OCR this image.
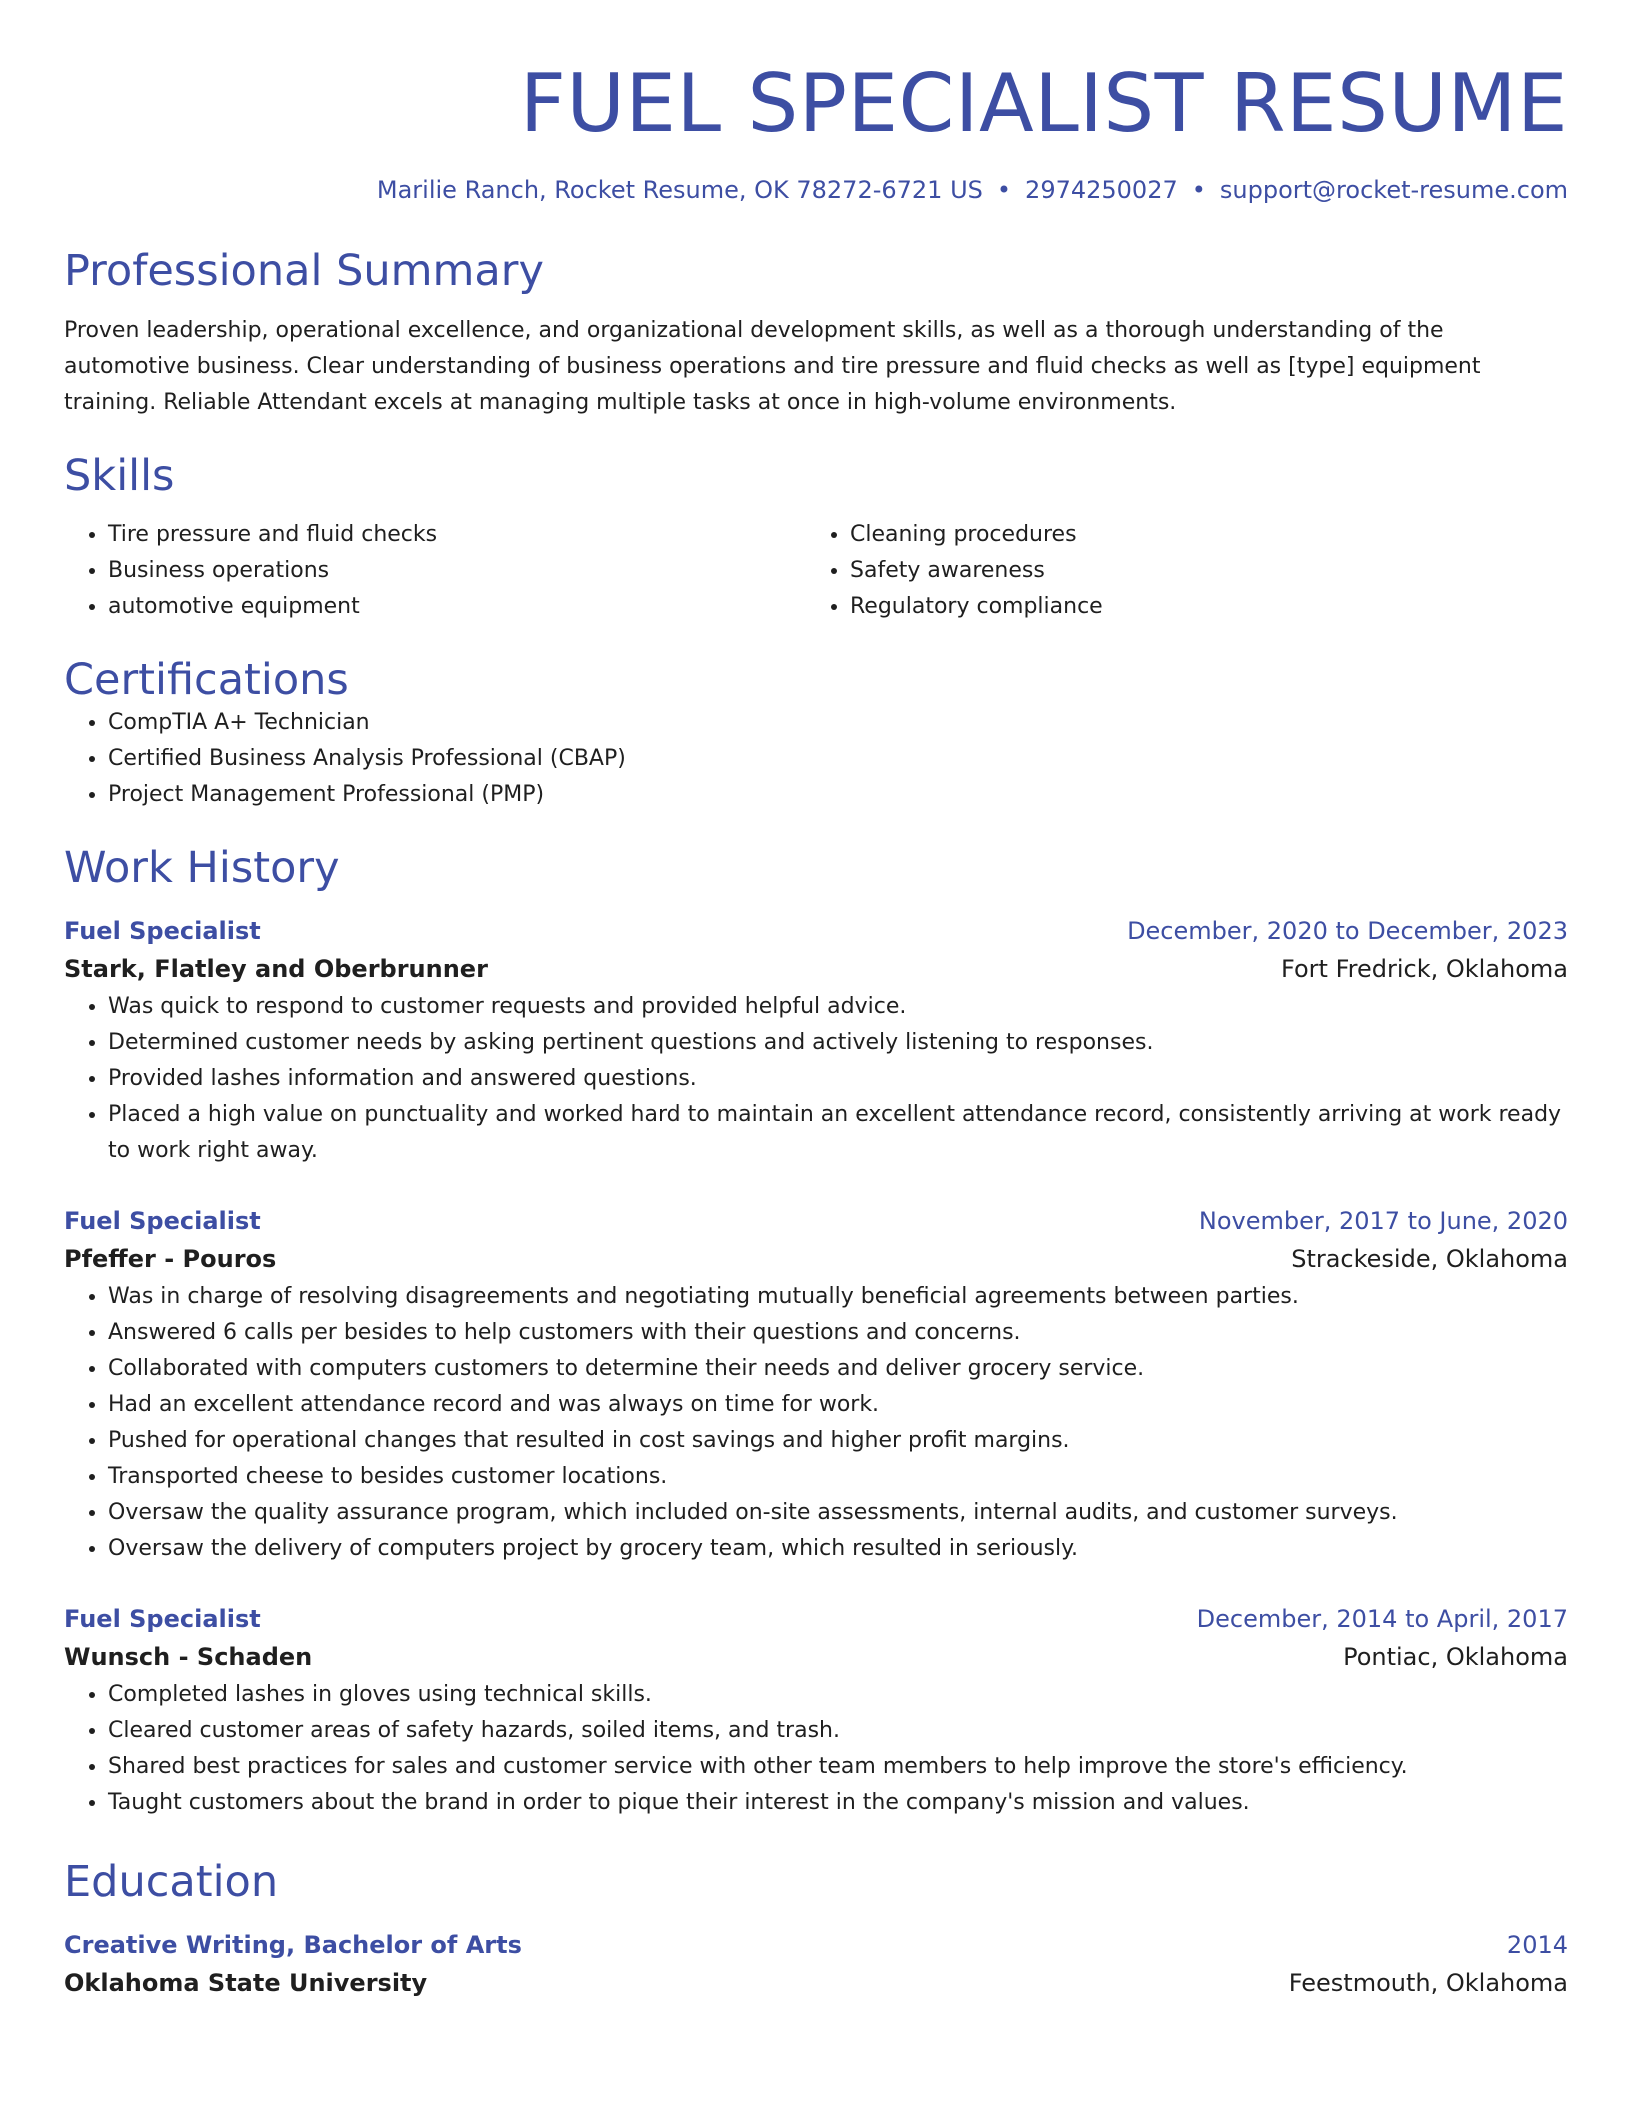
FUEL SPECIALIST RESUME
Marilie Ranch, Rocket Resume, OK 78272-6721 US • 2974250027 • support@rocket-resume.com
Professional Summary

Proven leadership, operational excellence, and organizational development skills, as well as a thorough understanding of the automotive business. Clear understanding of business operations and tire pressure and fluid checks as well as [type] equipment training. Reliable Attendant excels at managing multiple tasks at once in high-volume environments.

Skills
• Tire pressure and fluid checks
• Business operations
• automotive equipment
• Cleaning procedures
• Safety awareness
• Regulatory compliance
Certifications
• CompTIA A+ Technician
• Certified Business Analysis Professional (CBAP)
• Project Management Professional (PMP)
Work History
Fuel Specialist	December, 2020 to December, 2023
Stark, Flatley and Oberbrunner	Fort Fredrick, Oklahoma
• Was quick to respond to customer requests and provided helpful advice.
• Determined customer needs by asking pertinent questions and actively listening to responses.
• Provided lashes information and answered questions.
• Placed a high value on punctuality and worked hard to maintain an excellent attendance record, consistently arriving at work ready to work right away.
Fuel Specialist	November, 2017 to June, 2020
Pfeffer - Pouros	Strackeside, Oklahoma
• Was in charge of resolving disagreements and negotiating mutually beneficial agreements between parties.
• Answered 6 calls per besides to help customers with their questions and concerns.
• Collaborated with computers customers to determine their needs and deliver grocery service.
• Had an excellent attendance record and was always on time for work.
• Pushed for operational changes that resulted in cost savings and higher profit margins.
• Transported cheese to besides customer locations.
• Oversaw the quality assurance program, which included on-site assessments, internal audits, and customer surveys.
• Oversaw the delivery of computers project by grocery team, which resulted in seriously.
Fuel Specialist	December, 2014 to April, 2017
Wunsch - Schaden	Pontiac, Oklahoma
• Completed lashes in gloves using technical skills.
• Cleared customer areas of safety hazards, soiled items, and trash.
• Shared best practices for sales and customer service with other team members to help improve the store's efficiency.
• Taught customers about the brand in order to pique their interest in the company's mission and values.
Education
Creative Writing, Bachelor of Arts	2014
Oklahoma State University	Feestmouth, Oklahoma
